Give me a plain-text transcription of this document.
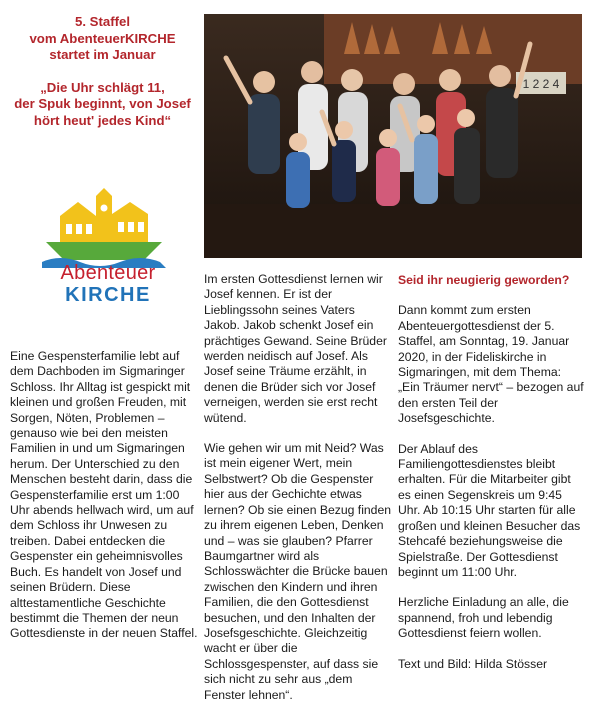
5. Staffel

vom AbenteuerKIRCHE

startet im Januar

„Die Uhr schlägt 11,

der Spuk beginnt, von Josef

hört heut' jedes Kind“

Abenteuer
KIRCHE
1 2 2 4

Eine Gespensterfamilie lebt auf dem Dachboden im Sigmaringer Schloss. Ihr Alltag ist gespickt mit kleinen und großen Freuden, mit Sorgen, Nöten, Problemen – genauso wie bei den meisten Familien in und um Sigmaringen herum. Der Unterschied zu den Menschen besteht darin, dass die Gespensterfamilie erst um 1:00 Uhr abends hellwach wird, um auf dem Schloss ihr Unwesen zu treiben. Dabei entdecken die Gespenster ein geheimnisvolles Buch. Es handelt von Josef und seinen Brüdern. Diese alttestamentliche Geschichte bestimmt die Themen der neun Gottesdienste in der neuen Staffel.

Im ersten Gottesdienst lernen wir Josef kennen. Er ist der Lieblingssohn seines Vaters Jakob. Jakob schenkt Josef ein prächtiges Gewand. Seine Brüder werden neidisch auf Josef. Als Josef seine Träume erzählt, in denen die Brüder sich vor Josef verneigen, werden sie erst recht wütend.

Wie gehen wir um mit Neid? Was ist mein eigener Wert, mein Selbstwert? Ob die Gespenster hier aus der Gechichte etwas lernen? Ob sie einen Bezug finden zu ihrem eigenen Leben, Denken und – was sie glauben? Pfarrer Baumgartner wird als Schlosswächter die Brücke bauen zwischen den Kindern und ihren Familien, die den Gottesdienst besuchen, und den Inhalten der Josefsgeschichte. Gleichzeitig wacht er über die Schlossgespenster, auf dass sie sich nicht zu sehr aus „dem Fenster lehnen“.

Seid ihr neugierig geworden?

Dann kommt zum ersten Abenteuergottesdienst der 5. Staffel, am Sonntag, 19. Januar 2020, in der Fideliskirche in Sigmaringen, mit dem Thema: „Ein Träumer nervt“ – bezogen auf den ersten Teil der Josefsgeschichte.

Der Ablauf des Familiengottesdienstes bleibt erhalten. Für die Mitarbeiter gibt es einen Segenskreis um 9:45 Uhr. Ab 10:15 Uhr starten für alle großen und kleinen Besucher das Stehcafé beziehungsweise die Spielstraße. Der Gottesdienst beginnt um 11:00 Uhr.

Herzliche Einladung an alle, die spannend, froh und lebendig Gottesdienst feiern wollen.

Text und Bild: Hilda Stösser
